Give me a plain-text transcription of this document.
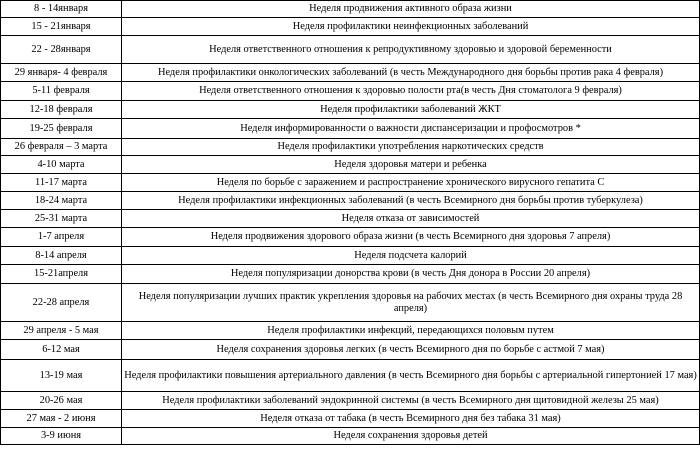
8 - 14января	Неделя продвижения активного образа жизни
15 - 21января	Неделя профилактики неинфекционных заболеваний
22 - 28января	Неделя ответственного отношения к репродуктивному здоровью и здоровой беременности
29 января- 4 февраля	Неделя профилактики онкологических заболеваний (в честь Международного дня борьбы против рака 4 февраля)
5-11 февраля	Неделя ответственного отношения к здоровью полости рта(в честь Дня стоматолога 9 февраля)
12-18 февраля	Неделя профилактики заболеваний ЖКТ
19-25 февраля	Неделя информированности о важности диспансеризации и профосмотров *
26 февраля – 3 марта	Неделя профилактики употребления наркотических средств
4-10 марта	Неделя здоровья матери и ребенка
11-17 марта	Неделя по борьбе с заражением и распространение хронического вирусного гепатита С
18-24 марта	Неделя профилактики инфекционных заболеваний (в честь Всемирного дня борьбы против туберкулеза)
25-31 марта	Неделя отказа от зависимостей
1-7 апреля	Неделя продвижения здорового образа жизни (в честь Всемирного дня здоровья 7 апреля)
8-14 апреля	Неделя подсчета калорий
15-21апреля	Неделя популяризации донорства крови (в честь Дня донора в России 20 апреля)
22-28 апреля	Неделя популяризации лучших практик укрепления здоровья на рабочих местах (в честь Всемирного дня охраны труда 28 апреля)
29 апреля - 5 мая	Неделя профилактики инфекций, передающихся половым путем
6-12 мая	Неделя сохранения здоровья легких (в честь Всемирного дня по борьбе с астмой 7 мая)
13-19 мая	Неделя профилактики повышения артериального давления (в честь Всемирного дня борьбы с артериальной гипертонией 17 мая)
20-26 мая	Неделя профилактики заболеваний эндокринной системы (в честь Всемирного дня щитовидной железы 25 мая)
27 мая - 2 июня	Неделя отказа от табака (в честь Всемирного дня без табака 31 мая)
3-9 июня	Неделя сохранения здоровья детей
